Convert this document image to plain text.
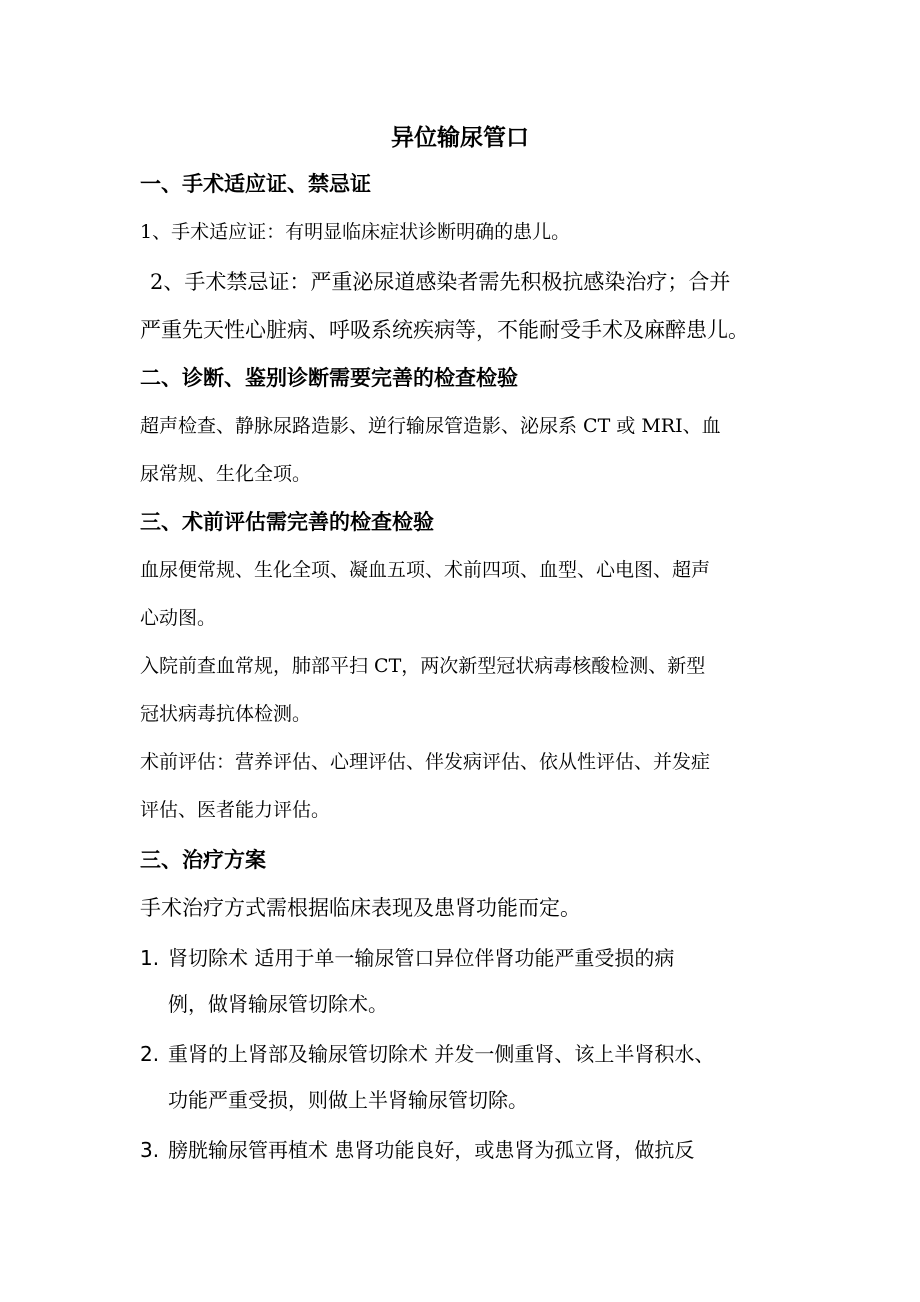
异位输尿管口
一、手术适应证、禁忌证
1、手术适应证：有明显临床症状诊断明确的患儿。
2、手术禁忌证：严重泌尿道感染者需先积极抗感染治疗；合并
严重先天性心脏病、呼吸系统疾病等，不能耐受手术及麻醉患儿。
二、诊断、鉴别诊断需要完善的检查检验
超声检查、静脉尿路造影、逆行输尿管造影、泌尿系 CT 或 MRI、血
尿常规、生化全项。
三、术前评估需完善的检查检验
血尿便常规、生化全项、凝血五项、术前四项、血型、心电图、超声
心动图。
入院前查血常规，肺部平扫 CT，两次新型冠状病毒核酸检测、新型
冠状病毒抗体检测。
术前评估：营养评估、心理评估、伴发病评估、依从性评估、并发症
评估、医者能力评估。
三、治疗方案
手术治疗方式需根据临床表现及患肾功能而定。
1. 肾切除术 适用于单一输尿管口异位伴肾功能严重受损的病
例，做肾输尿管切除术。
2. 重肾的上肾部及输尿管切除术 并发一侧重肾、该上半肾积水、
功能严重受损，则做上半肾输尿管切除。
3. 膀胱输尿管再植术 患肾功能良好，或患肾为孤立肾，做抗反
